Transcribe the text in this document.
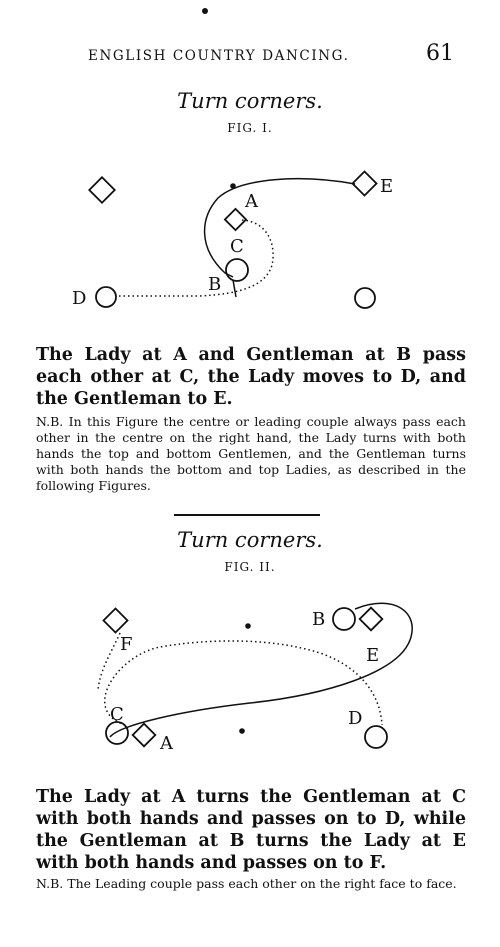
ENGLISH COUNTRY DANCING.	61
Turn corners.
FIG. I.
E
A
C
B
D
The Lady at A and Gentleman at B pass each other at C, the Lady moves to D, and the Gentleman to E.
N.B. In this Figure the centre or leading couple always pass each other in the centre on the right hand, the Lady turns with both hands the top and bottom Gentlemen, and the Gentleman turns with both hands the bottom and top Ladies, as described in the following Figures.
Turn corners.
FIG. II.
F
B
E
C
A
D
The Lady at A turns the Gentleman at C with both hands and passes on to D, while the Gentleman at B turns the Lady at E with both hands and passes on to F.
N.B. The Leading couple pass each other on the right face to face.
